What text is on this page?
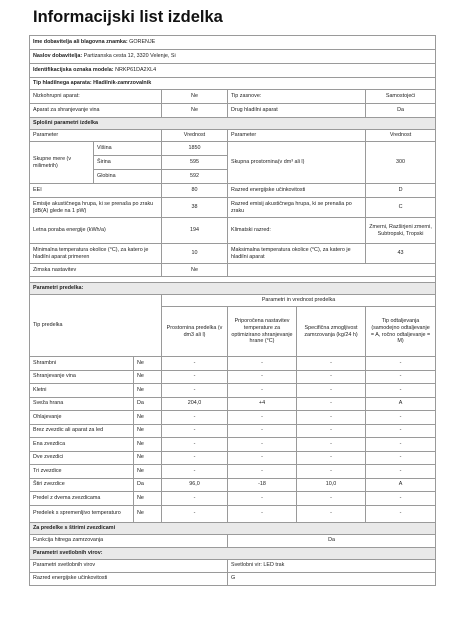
Informacijski list izdelka
Ime dobavitelja ali blagovna znamka: GORENJE						
Naslov dobavitelja: Partizanska cesta 12, 3320 Velenje, Si						
Identifikacijska oznaka modela: NRKP61DA2XL4						
Tip hladilnega aparata: Hladilnik-zamrzovalnik						
Nizkohrupni aparat:			Ne	Tip zasnove:		Samostojeći
Aparat za shranjevanje vina			Ne	Drug hladilni aparat		Da
Splošni parametri izdelka						
Parameter			Vrednost	Parameter		Vrednost
Skupne mere (v milimetrih)	Višina		1850	Skupna prostornina(v dm³ ali l)		300
	Širina		595			
	Globina		592			
EEI			80	Razred energijske učinkovitosti		D
Emisije akustičnega hrupa, ki se prenaša po zraku [dB(A) glede na 1 pW)			38	Razred emisij akustičnega hrupa, ki se prenaša po zraku		C
Letna poraba energije (kWh/a)			194	Klimatski razred:		Zmerni, Razširjeni zmerni, Subtropski, Tropski
Minimalna temperatura okolice (°C), za katero je hladilni aparat primeren			10	Maksimalna temperatura okolice (°C), za katero je hladilni aparat		43
Zimska nastavitev			Ne			

Parametri predelka:						
Tip predelka			Parametri in vrednost predelka			
			Prostornina predelka (v dm3 ali l)	Priporočena nastavitev temperature za optimizirano shranjevanje hrane (°C)	Specifična zmogljivost zamrzovanja (kg/24 h)	Tip odtaljevanja (samodejno odtaljevanje = A, ročno odtaljevanje = M)
Shrambni		Ne	-	-	-	-
Shranjevanje vina		Ne	-	-	-	-
Kletni		Ne	-	-	-	-
Sveža hrana		Da	204,0	+4	-	A
Ohlajevanje		Ne	-	-	-	-
Brez zvezdic ali aparat za led		Ne	-	-	-	-
Ena zvezdica		Ne	-	-	-	-
Dve zvezdici		Ne	-	-	-	-
Tri zvezdice		Ne	-	-	-	-
Štiri zvezdice		Da	96,0	-18	10,0	A
Predel z dvema zvezdicama		Ne	-	-	-	-
Predelek s spremenljivo temperaturo		Ne	-	-	-	-
Za predelke s štirimi zvezdicami						
Funkcija hitrega zamrzovanja				Da		
Parametri svetlobnih virov:						
Parametri svetlobnih virov				Svetlobni vir: LED trak		
Razred energijske učinkovitosti				G		
